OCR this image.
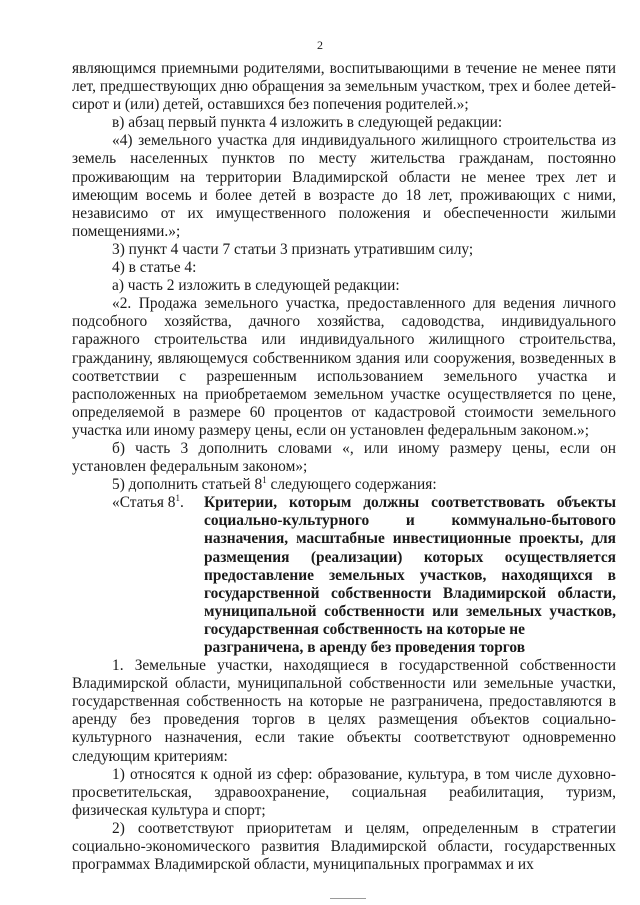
2

являющимся приемными родителями, воспитывающими в течение не менее пяти лет, предшествующих дню обращения за земельным участком, трех и более детей-сирот и (или) детей, оставшихся без попечения родителей.»;

в) абзац первый пункта 4 изложить в следующей редакции:

«4) земельного участка для индивидуального жилищного строительства из земель населенных пунктов по месту жительства гражданам, постоянно проживающим на территории Владимирской области не менее трех лет и имеющим восемь и более детей в возрасте до 18 лет, проживающих с ними, независимо от их имущественного положения и обеспеченности жилыми помещениями.»;

3) пункт 4 части 7 статьи 3 признать утратившим силу;

4) в статье 4:

а) часть 2 изложить в следующей редакции:

«2. Продажа земельного участка, предоставленного для ведения личного подсобного хозяйства, дачного хозяйства, садоводства, индивидуального гаражного строительства или индивидуального жилищного строительства, гражданину, являющемуся собственником здания или сооружения, возведенных в соответствии с разрешенным использованием земельного участка и расположенных на приобретаемом земельном участке осуществляется по цене, определяемой в размере 60 процентов от кадастровой стоимости земельного участка или иному размеру цены, если он установлен федеральным законом.»;

б) часть 3 дополнить словами «, или иному размеру цены, если он установлен федеральным законом»;

5) дополнить статьей $8^1$ следующего содержания:

«Статья $8^1$.	Критерии, которым должны соответствовать объекты социально-культурного и коммунально-бытового назначения, масштабные инвестиционные проекты, для размещения (реализации) которых осуществляется предоставление земельных участков, находящихся в государственной собственности Владимирской области, муниципальной собственности или земельных участков, государственная собственность на которые не
разграничена, в аренду без проведения торгов

1. Земельные участки, находящиеся в государственной собственности Владимирской области, муниципальной собственности или земельные участки, государственная собственность на которые не разграничена, предоставляются в аренду без проведения торгов в целях размещения объектов социально-культурного назначения, если такие объекты соответствуют одновременно следующим критериям:

1) относятся к одной из сфер: образование, культура, в том числе духовно-просветительская, здравоохранение, социальная реабилитация, туризм, физическая культура и спорт;

2) соответствуют приоритетам и целям, определенным в стратегии социально-экономического развития Владимирской области, государственных программах Владимирской области, муниципальных программах и их
